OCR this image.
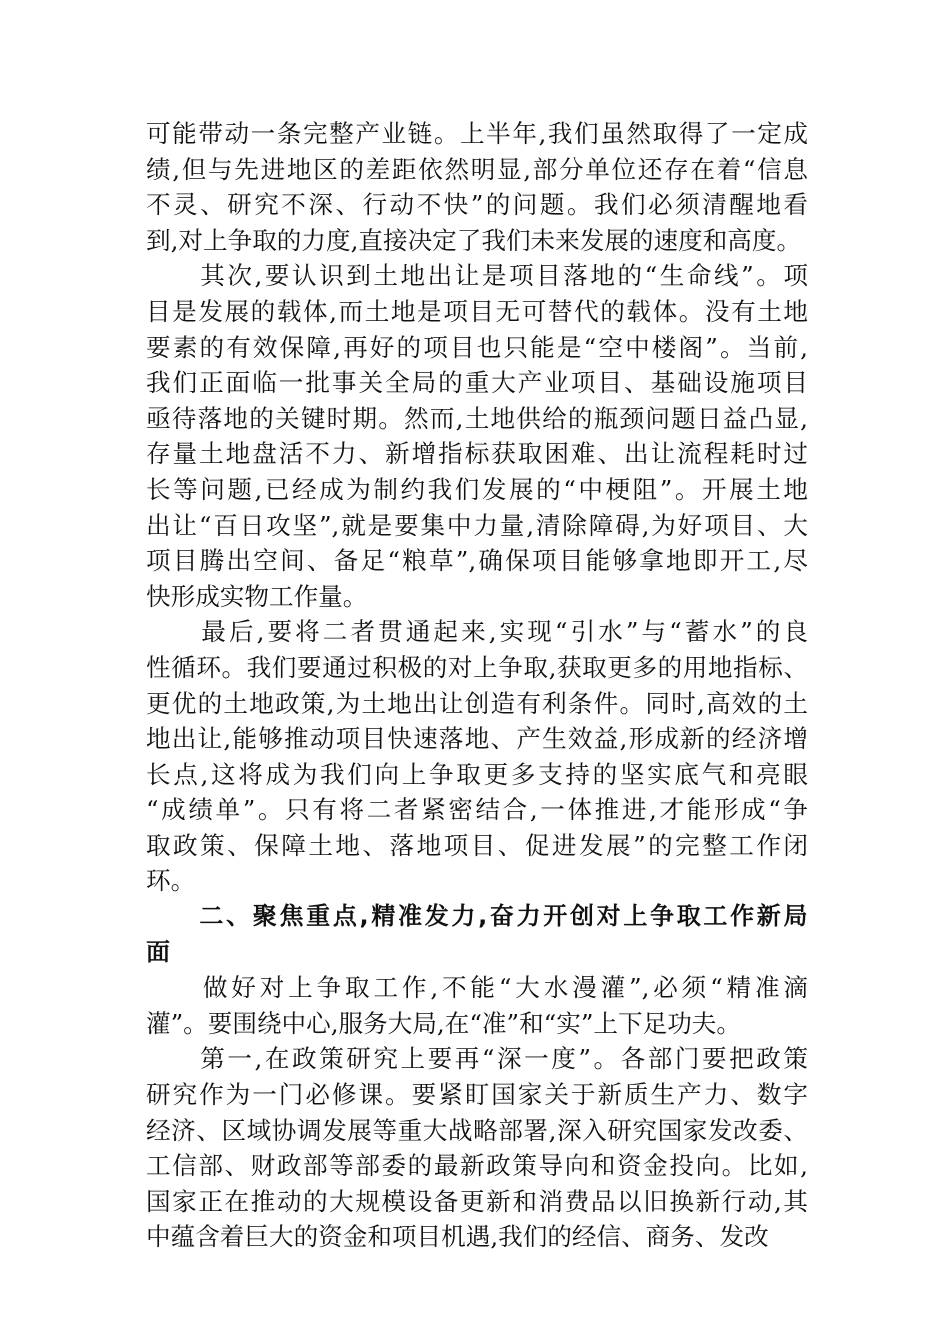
可能带动一条完整产业链。上半年,我们虽然取得了一定成
绩,但与先进地区的差距依然明显,部分单位还存在着“信息
不灵、研究不深、行动不快”的问题。我们必须清醒地看
到,对上争取的力度,直接决定了我们未来发展的速度和高度。
　　其次,要认识到土地出让是项目落地的“生命线”。项
目是发展的载体,而土地是项目无可替代的载体。没有土地
要素的有效保障,再好的项目也只能是“空中楼阁”。当前,
我们正面临一批事关全局的重大产业项目、基础设施项目
亟待落地的关键时期。然而,土地供给的瓶颈问题日益凸显,
存量土地盘活不力、新增指标获取困难、出让流程耗时过
长等问题,已经成为制约我们发展的“中梗阻”。开展土地
出让“百日攻坚”,就是要集中力量,清除障碍,为好项目、大
项目腾出空间、备足“粮草”,确保项目能够拿地即开工,尽
快形成实物工作量。
　　最后,要将二者贯通起来,实现“引水”与“蓄水”的良
性循环。我们要通过积极的对上争取,获取更多的用地指标、
更优的土地政策,为土地出让创造有利条件。同时,高效的土
地出让,能够推动项目快速落地、产生效益,形成新的经济增
长点,这将成为我们向上争取更多支持的坚实底气和亮眼
“成绩单”。只有将二者紧密结合,一体推进,才能形成“争
取政策、保障土地、落地项目、促进发展”的完整工作闭
环。
　　二、聚焦重点,精准发力,奋力开创对上争取工作新局
面
　　做好对上争取工作,不能“大水漫灌”,必须“精准滴
灌”。要围绕中心,服务大局,在“准”和“实”上下足功夫。
　　第一,在政策研究上要再“深一度”。各部门要把政策
研究作为一门必修课。要紧盯国家关于新质生产力、数字
经济、区域协调发展等重大战略部署,深入研究国家发改委、
工信部、财政部等部委的最新政策导向和资金投向。比如,
国家正在推动的大规模设备更新和消费品以旧换新行动,其
中蕴含着巨大的资金和项目机遇,我们的经信、商务、发改
